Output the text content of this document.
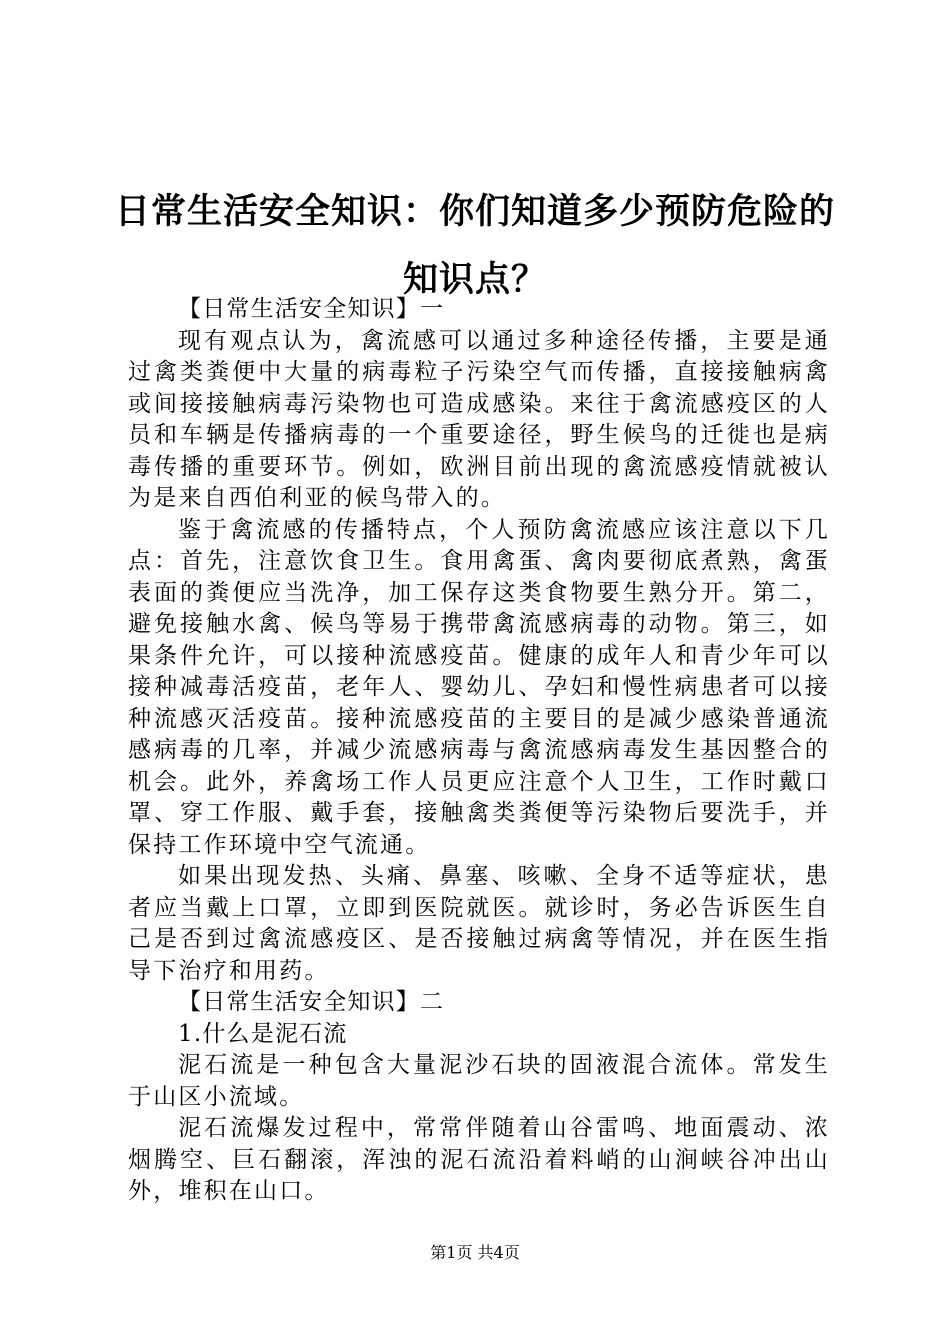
日常生活安全知识：你们知道多少预防危险的
知识点？

【日常生活安全知识】一

现有观点认为，禽流感可以通过多种途径传播，主要是通过禽类粪便中大量的病毒粒子污染空气而传播，直接接触病禽或间接接触病毒污染物也可造成感染。来往于禽流感疫区的人员和车辆是传播病毒的一个重要途径，野生候鸟的迁徙也是病毒传播的重要环节。例如，欧洲目前出现的禽流感疫情就被认为是来自西伯利亚的候鸟带入的。

鉴于禽流感的传播特点，个人预防禽流感应该注意以下几点：首先，注意饮食卫生。食用禽蛋、禽肉要彻底煮熟，禽蛋表面的粪便应当洗净，加工保存这类食物要生熟分开。第二，避免接触水禽、候鸟等易于携带禽流感病毒的动物。第三，如果条件允许，可以接种流感疫苗。健康的成年人和青少年可以接种减毒活疫苗，老年人、婴幼儿、孕妇和慢性病患者可以接种流感灭活疫苗。接种流感疫苗的主要目的是减少感染普通流感病毒的几率，并减少流感病毒与禽流感病毒发生基因整合的机会。此外，养禽场工作人员更应注意个人卫生，工作时戴口罩、穿工作服、戴手套，接触禽类粪便等污染物后要洗手，并保持工作环境中空气流通。

如果出现发热、头痛、鼻塞、咳嗽、全身不适等症状，患者应当戴上口罩，立即到医院就医。就诊时，务必告诉医生自己是否到过禽流感疫区、是否接触过病禽等情况，并在医生指导下治疗和用药。

【日常生活安全知识】二

1.什么是泥石流

泥石流是一种包含大量泥沙石块的固液混合流体。常发生于山区小流域。

泥石流爆发过程中，常常伴随着山谷雷鸣、地面震动、浓烟腾空、巨石翻滚，浑浊的泥石流沿着料峭的山涧峡谷冲出山外，堆积在山口。

第1页 共4页
